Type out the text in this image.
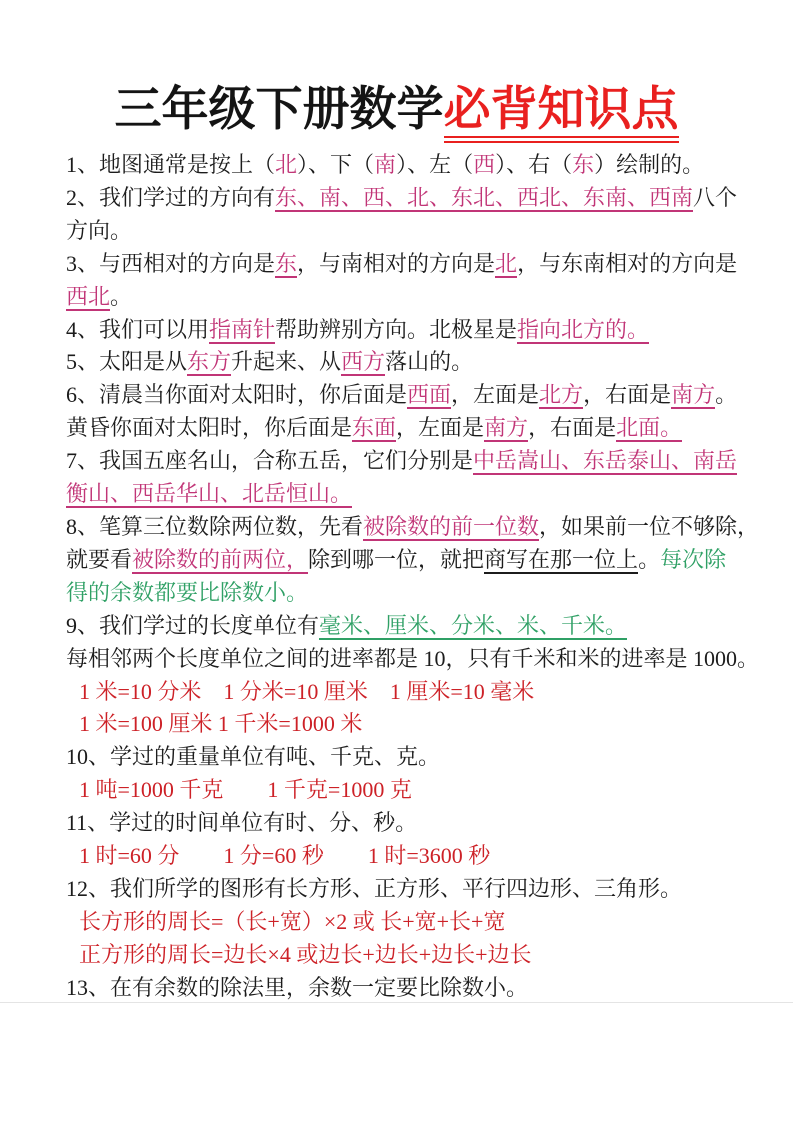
三年级下册数学必背知识点

1、地图通常是按上（北）、下（南）、左（西）、右（东）绘制的。

2、我们学过的方向有东、南、西、北、东北、西北、东南、西南八个

方向。

3、与西相对的方向是东，与南相对的方向是北，与东南相对的方向是

西北。

4、我们可以用指南针帮助辨别方向。北极星是指向北方的。

5、太阳是从东方升起来、从西方落山的。

6、清晨当你面对太阳时，你后面是西面，左面是北方，右面是南方。

黄昏你面对太阳时，你后面是东面，左面是南方，右面是北面。

7、我国五座名山，合称五岳，它们分别是中岳嵩山、东岳泰山、南岳

衡山、西岳华山、北岳恒山。

8、笔算三位数除两位数，先看被除数的前一位数，如果前一位不够除，

就要看被除数的前两位，除到哪一位，就把商写在那一位上。每次除

得的余数都要比除数小。

9、我们学过的长度单位有毫米、厘米、分米、米、千米。

每相邻两个长度单位之间的进率都是 10，只有千米和米的进率是 1000。

1 米=10 分米　1 分米=10 厘米　1 厘米=10 毫米

1 米=100 厘米 1 千米=1000 米

10、学过的重量单位有吨、千克、克。

1 吨=1000 千克　　1 千克=1000 克

11、学过的时间单位有时、分、秒。

1 时=60 分　　1 分=60 秒　　1 时=3600 秒

12、我们所学的图形有长方形、正方形、平行四边形、三角形。

长方形的周长=（长+宽）×2 或 长+宽+长+宽

正方形的周长=边长×4 或边长+边长+边长+边长

13、在有余数的除法里，余数一定要比除数小。
